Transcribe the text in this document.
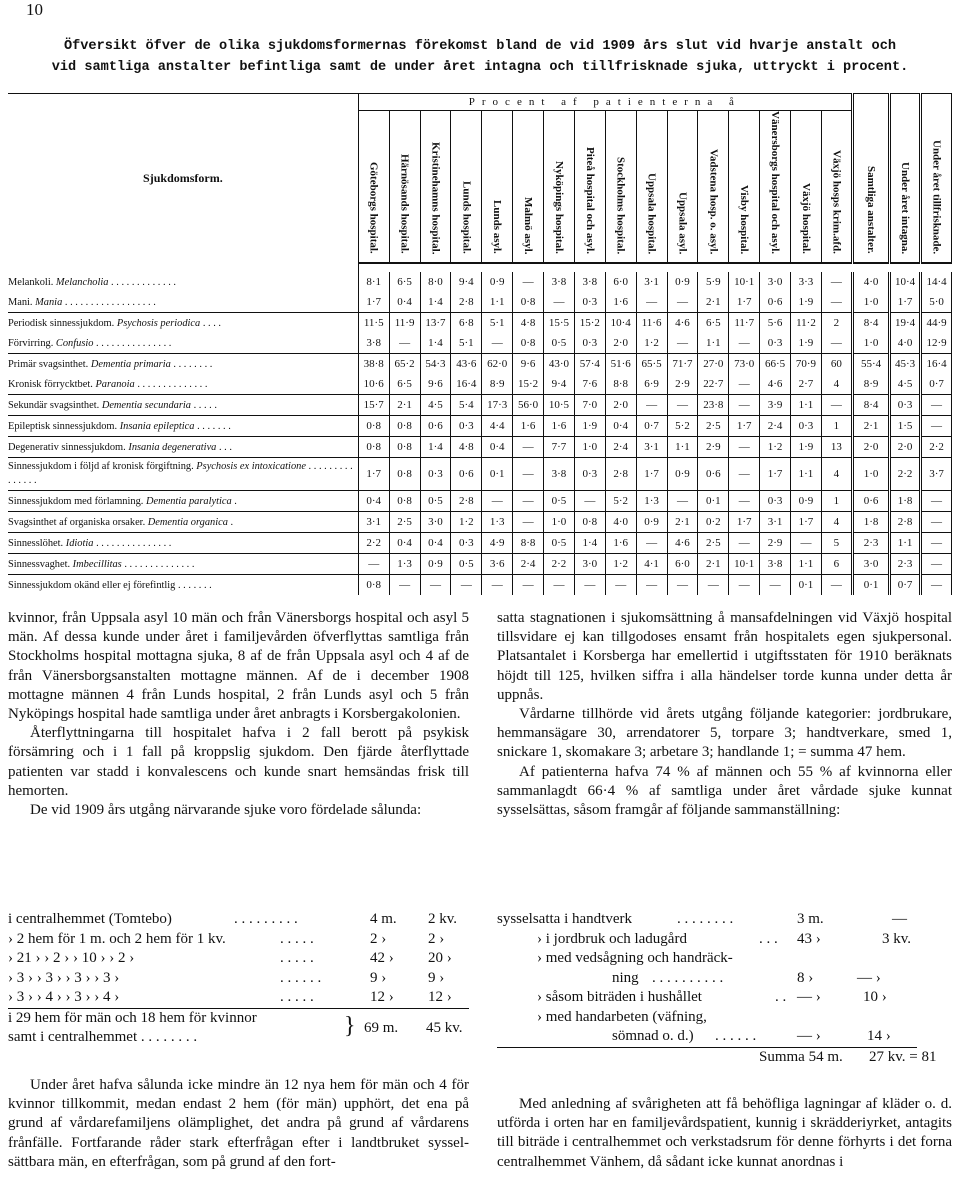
10
Öfversikt öfver de olika sjukdomsformernas förekomst bland de vid 1909 års slut vid hvarje anstalt och
vid samtliga anstalter befintliga samt de under året intagna och tillfrisknade sjuka, uttryckt i procent.
Sjukdomsform.	Procent af patienterna å																Samtliga anstalter.	Under året intagna.	Under året tillfrisknade.

	Göteborgs hospital.	Härnösands hospital.	Kristinehamns hospital.	Lunds hospital.	Lunds asyl.	Malmö asyl.	Nyköpings hospital.	Piteå hospital och asyl.	Stockholms hospital.	Uppsala hospital.	Uppsala asyl.	Vadstena hosp. o. asyl.	Visby hospital.	Vänersborgs hospital och asyl.	Växjö hospital.	Växjö hosps krim.afd.			

Melankoli. Melancholia . . . . . . . . . . . . .	8·1	6·5	8·0	9·4	0·9	—	3·8	3·8	6·0	3·1	0·9	5·9	10·1	3·0	3·3	—	4·0	10·4	14·4
Mani. Mania . . . . . . . . . . . . . . . . . .	1·7	0·4	1·4	2·8	1·1	0·8	—	0·3	1·6	—	—	2·1	1·7	0·6	1·9	—	1·0	1·7	5·0
Periodisk sinnessjukdom. Psychosis periodica . . . .	11·5	11·9	13·7	6·8	5·1	4·8	15·5	15·2	10·4	11·6	4·6	6·5	11·7	5·6	11·2	2	8·4	19·4	44·9
Förvirring. Confusio . . . . . . . . . . . . . . .	3·8	—	1·4	5·1	—	0·8	0·5	0·3	2·0	1·2	—	1·1	—	0·3	1·9	—	1·0	4·0	12·9
Primär svagsinthet. Dementia primaria . . . . . . . .	38·8	65·2	54·3	43·6	62·0	9·6	43·0	57·4	51·6	65·5	71·7	27·0	73·0	66·5	70·9	60	55·4	45·3	16·4
Kronisk förrycktbet. Paranoia . . . . . . . . . . . . . .	10·6	6·5	9·6	16·4	8·9	15·2	9·4	7·6	8·8	6·9	2·9	22·7	—	4·6	2·7	4	8·9	4·5	0·7
Sekundär svagsinthet. Dementia secundaria . . . . .	15·7	2·1	4·5	5·4	17·3	56·0	10·5	7·0	2·0	—	—	23·8	—	3·9	1·1	—	8·4	0·3	—
Epileptisk sinnessjukdom. Insania epileptica . . . . . . .	0·8	0·8	0·6	0·3	4·4	1·6	1·6	1·9	0·4	0·7	5·2	2·5	1·7	2·4	0·3	1	2·1	1·5	—
Degenerativ sinnessjukdom. Insania degenerativa . . .	0·8	0·8	1·4	4·8	0·4	—	7·7	1·0	2·4	3·1	1·1	2·9	—	1·2	1·9	13	2·0	2·0	2·2
Sinnessjukdom i följd af kronisk förgiftning. Psychosis ex intoxicatione . . . . . . . . . . . . . . .	1·7	0·8	0·3	0·6	0·1	—	3·8	0·3	2·8	1·7	0·9	0·6	—	1·7	1·1	4	1·0	2·2	3·7
Sinnessjukdom med förlamning. Dementia paralytica .	0·4	0·8	0·5	2·8	—	—	0·5	—	5·2	1·3	—	0·1	—	0·3	0·9	1	0·6	1·8	—
Svagsinthet af organiska orsaker. Dementia organica .	3·1	2·5	3·0	1·2	1·3	—	1·0	0·8	4·0	0·9	2·1	0·2	1·7	3·1	1·7	4	1·8	2·8	—
Sinnesslöhet. Idiotia . . . . . . . . . . . . . . .	2·2	0·4	0·4	0·3	4·9	8·8	0·5	1·4	1·6	—	4·6	2·5	—	2·9	—	5	2·3	1·1	—
Sinnessvaghet. Imbecillitas . . . . . . . . . . . . . .	—	1·3	0·9	0·5	3·6	2·4	2·2	3·0	1·2	4·1	6·0	2·1	10·1	3·8	1·1	6	3·0	2·3	—
Sinnessjukdom okänd eller ej förefintlig . . . . . . .	0·8	—	—	—	—	—	—	—	—	—	—	—	—	—	0·1	—	0·1	0·7	—

kvinnor, från Uppsala asyl 10 män och från Vänersborgs hospital och asyl 5 män. Af dessa kunde under året i familjevården öfverflyttas samtliga från Stockholms hospital mottagna sjuka, 8 af de från Uppsala asyl och 4 af de från Vänersborgsanstalten mottagne männen. Af de i december 1908 mottagne männen 4 från Lunds hospital, 2 från Lunds asyl och 5 från Nyköpings hospital hade samtliga under året anbragts i Korsbergakolonien.

Återflyttningarna till hospitalet hafva i 2 fall berott på psykisk försämring och i 1 fall på kroppslig sjukdom. Den fjärde återflyttade patienten var stadd i konvalescens och kunde snart hemsändas frisk till hemorten.

De vid 1909 års utgång närvarande sjuke voro fördelade sålunda:

i centralhemmet (Tomtebo)	. . . . . . . . .	4 m. 2 kv.
› 2 hem för 1 m. och 2 hem för 1 kv.	. . . . .	2 ›	2 ›
› 21 › › 2 › › 10 › › 2 ›	. . . . .	42 › 20 ›
› 3 › › 3 › › 3 › › 3 ›	. . . . . .	9 ›	9 ›
› 3 › › 4 › › 3 › › 4 ›	. . . . .	12 › 12 ›
i 29 hem för män och 18 hem för kvinnor	}
samt i centralhemmet . . . . . . . .
69 m. 45 kv.

Under året hafva sålunda icke mindre än 12 nya hem för män och 4 för kvinnor tillkommit, medan endast 2 hem (för män) upphört, det ena på grund af vårdarefamiljens olämplighet, det andra på grund af vårdarens frånfälle. Fortfarande råder stark efterfrågan efter i landtbruket sysselsättbara män, en efterfrågan, som på grund af den fort-

satta stagnationen i sjukomsättning å mansafdelningen vid Växjö hospital tillsvidare ej kan tillgodoses ensamt från hospitalets egen sjukpersonal. Platsantalet i Korsberga har emellertid i utgiftsstaten för 1910 beräknats höjdt till 125, hvilken siffra i alla händelser torde kunna under detta år uppnås.

Vårdarne tillhörde vid årets utgång följande kategorier: jordbrukare, hemmansägare 30, arrendatorer 5, torpare 3; handtverkare, smed 1, snickare 1, skomakare 3; arbetare 3; handlande 1; = summa 47 hem.

Af patienterna hafva 74 % af männen och 55 % af kvinnorna eller sammanlagdt 66·4 % af samtliga under året vårdade sjuke kunnat sysselsättas, såsom framgår af följande sammanställning:

sysselsatta i handtverk	. . . . . . . .	3 m.	—
› i jordbruk och ladugård	. . . 43 ›	3 kv.
› med vedsågning och handräck-
ning . . . . . . . . . .	8 ›	— ›
› såsom biträden i hushållet	. . — ›	10 ›
› med handarbeten (väfning,
sömnad o. d.) . . . . . .	— ›	14 ›
Summa 54 m. 27 kv. = 81

Med anledning af svårigheten att få behöfliga lagningar af kläder o. d. utförda i orten har en familjevårdspatient, kunnig i skrädderiyrket, antagits till biträde i centralhemmet och verkstadsrum för denne förhyrts i det forna centralhemmet Vänhem, då sådant icke kunnat anordnas i
